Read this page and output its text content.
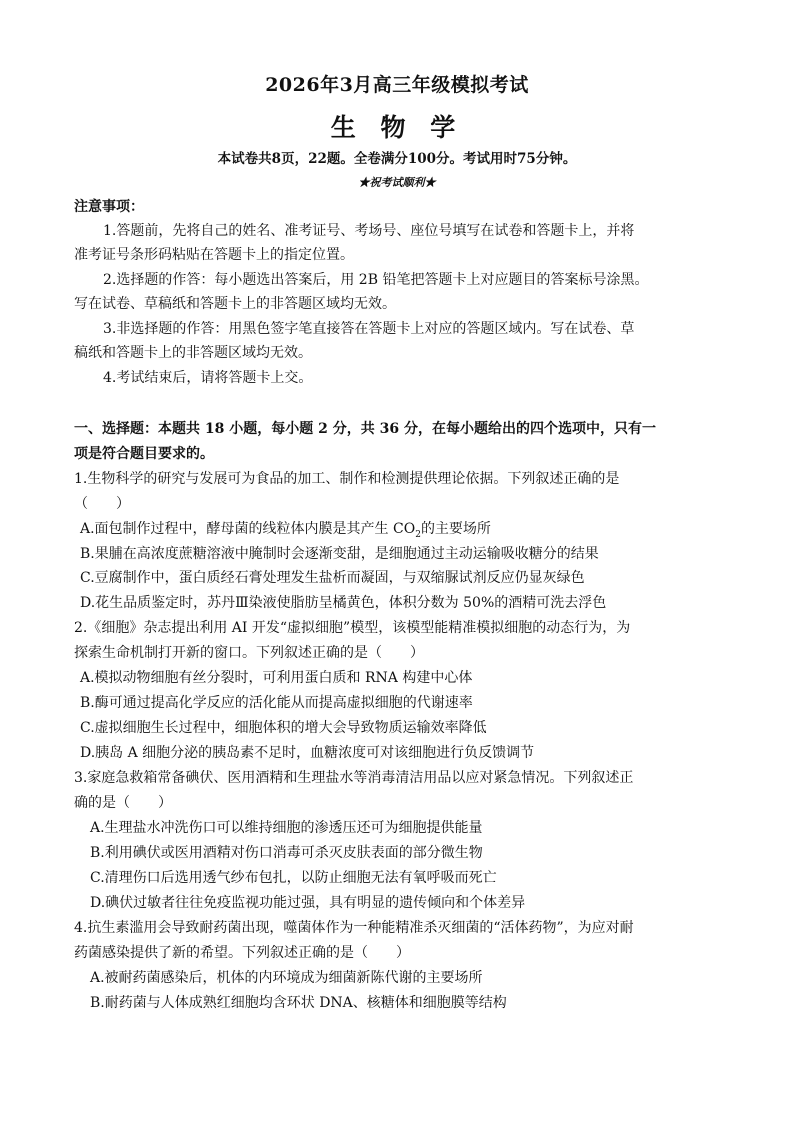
2026年3月高三年级模拟考试
生 物 学
本试卷共8页，22题。全卷满分100分。考试用时75分钟。
★祝考试顺利★
注意事项：
1.答题前，先将自己的姓名、准考证号、考场号、座位号填写在试卷和答题卡上，并将
准考证号条形码粘贴在答题卡上的指定位置。
2.选择题的作答：每小题选出答案后，用 2B 铅笔把答题卡上对应题目的答案标号涂黑。
写在试卷、草稿纸和答题卡上的非答题区域均无效。
3.非选择题的作答：用黑色签字笔直接答在答题卡上对应的答题区域内。写在试卷、草
稿纸和答题卡上的非答题区域均无效。
4.考试结束后，请将答题卡上交。
一、选择题：本题共 18 小题，每小题 2 分，共 36 分，在每小题给出的四个选项中，只有一
项是符合题目要求的。
1.生物科学的研究与发展可为食品的加工、制作和检测提供理论依据。下列叙述正确的是
（　　）
A.面包制作过程中，酵母菌的线粒体内膜是其产生 $CO_2$的主要场所
B.果脯在高浓度蔗糖溶液中腌制时会逐渐变甜，是细胞通过主动运输吸收糖分的结果
C.豆腐制作中，蛋白质经石膏处理发生盐析而凝固，与双缩脲试剂反应仍显灰绿色
D.花生品质鉴定时，苏丹Ⅲ染液使脂肪呈橘黄色，体积分数为 50%的酒精可洗去浮色
2.《细胞》杂志提出利用 AI 开发“虚拟细胞”模型，该模型能精准模拟细胞的动态行为，为
探索生命机制打开新的窗口。下列叙述正确的是（　　）
A.模拟动物细胞有丝分裂时，可利用蛋白质和 RNA 构建中心体
B.酶可通过提高化学反应的活化能从而提高虚拟细胞的代谢速率
C.虚拟细胞生长过程中，细胞体积的增大会导致物质运输效率降低
D.胰岛 A 细胞分泌的胰岛素不足时，血糖浓度可对该细胞进行负反馈调节
3.家庭急救箱常备碘伏、医用酒精和生理盐水等消毒清洁用品以应对紧急情况。下列叙述正
确的是（　　）
A.生理盐水冲洗伤口可以维持细胞的渗透压还可为细胞提供能量
B.利用碘伏或医用酒精对伤口消毒可杀灭皮肤表面的部分微生物
C.清理伤口后选用透气纱布包扎，以防止细胞无法有氧呼吸而死亡
D.碘伏过敏者往往免疫监视功能过强，具有明显的遗传倾向和个体差异
4.抗生素滥用会导致耐药菌出现，噬菌体作为一种能精准杀灭细菌的“活体药物”，为应对耐
药菌感染提供了新的希望。下列叙述正确的是（　　）
A.被耐药菌感染后，机体的内环境成为细菌新陈代谢的主要场所
B.耐药菌与人体成熟红细胞均含环状 DNA、核糖体和细胞膜等结构
